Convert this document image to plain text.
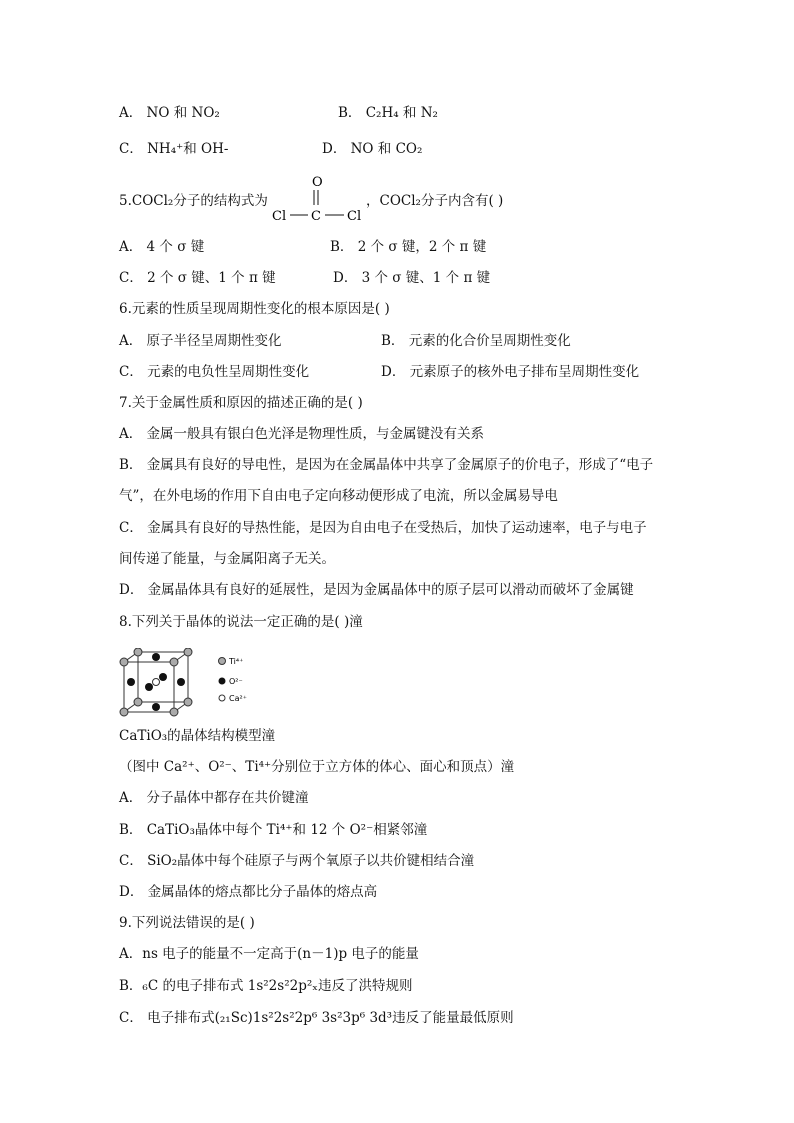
A． NO 和 NO₂	B． C₂H₄ 和 N₂
C． NH₄⁺和 OH-	D． NO 和 CO₂
5.COCl₂分子的结构式为
O
Cl C Cl
，COCl₂分子内含有( )
A． 4 个 σ 键	B． 2 个 σ 键，2 个 π 键
C． 2 个 σ 键、1 个 π 键	D． 3 个 σ 键、1 个 π 键
6.元素的性质呈现周期性变化的根本原因是( )
A． 原子半径呈周期性变化	B． 元素的化合价呈周期性变化
C． 元素的电负性呈周期性变化	D． 元素原子的核外电子排布呈周期性变化
7.关于金属性质和原因的描述正确的是( )
A． 金属一般具有银白色光泽是物理性质，与金属键没有关系
B． 金属具有良好的导电性，是因为在金属晶体中共享了金属原子的价电子，形成了“电子
气”，在外电场的作用下自由电子定向移动便形成了电流，所以金属易导电
C． 金属具有良好的导热性能，是因为自由电子在受热后，加快了运动速率，电子与电子
间传递了能量，与金属阳离子无关。
D． 金属晶体具有良好的延展性，是因为金属晶体中的原子层可以滑动而破坏了金属键
8.下列关于晶体的说法一定正确的是( )潼
Ti⁴⁺
O²⁻
Ca²⁺
CaTiO₃的晶体结构模型潼
（图中 Ca²⁺、O²⁻、Ti⁴⁺分别位于立方体的体心、面心和顶点）潼
A． 分子晶体中都存在共价键潼
B． CaTiO₃晶体中每个 Ti⁴⁺和 12 个 O²⁻相紧邻潼
C． SiO₂晶体中每个硅原子与两个氧原子以共价键相结合潼
D． 金属晶体的熔点都比分子晶体的熔点高
9.下列说法错误的是( )
A．ns 电子的能量不一定高于(n－1)p 电子的能量
B．₆C 的电子排布式 1s²2s²2p²ₓ违反了洪特规则
C． 电子排布式(₂₁Sc)1s²2s²2p⁶ 3s²3p⁶ 3d³违反了能量最低原则
